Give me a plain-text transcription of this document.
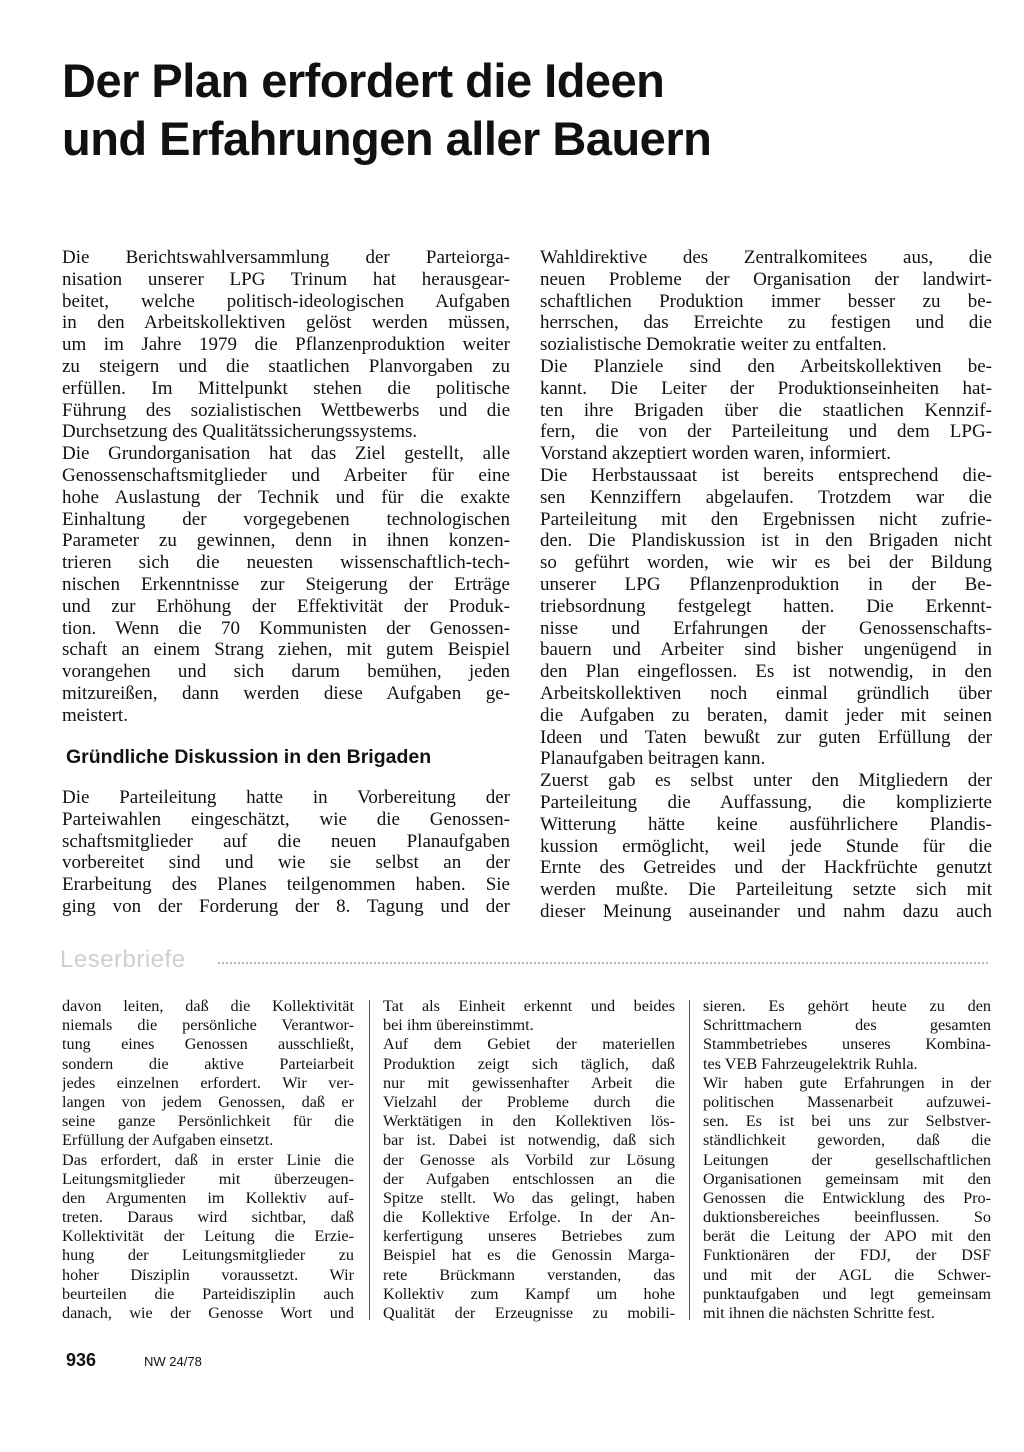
Der Plan erfordert die Ideen
und Erfahrungen aller Bauern
Die Berichtswahlversammlung der Parteiorga-
nisation unserer LPG Trinum hat herausgear-
beitet, welche politisch-ideologischen Aufgaben
in den Arbeitskollektiven gelöst werden müssen,
um im Jahre 1979 die Pflanzenproduktion weiter
zu steigern und die staatlichen Planvorgaben zu
erfüllen. Im Mittelpunkt stehen die politische
Führung des sozialistischen Wettbewerbs und die
Durchsetzung des Qualitätssicherungssystems.
Die Grundorganisation hat das Ziel gestellt, alle
Genossenschaftsmitglieder und Arbeiter für eine
hohe Auslastung der Technik und für die exakte
Einhaltung der vorgegebenen technologischen
Parameter zu gewinnen, denn in ihnen konzen-
trieren sich die neuesten wissenschaftlich-tech-
nischen Erkenntnisse zur Steigerung der Erträge
und zur Erhöhung der Effektivität der Produk-
tion. Wenn die 70 Kommunisten der Genossen-
schaft an einem Strang ziehen, mit gutem Beispiel
vorangehen und sich darum bemühen, jeden
mitzureißen, dann werden diese Aufgaben ge-
meistert.
Gründliche Diskussion in den Brigaden
Die Parteileitung hatte in Vorbereitung der
Parteiwahlen eingeschätzt, wie die Genossen-
schaftsmitglieder auf die neuen Planaufgaben
vorbereitet sind und wie sie selbst an der
Erarbeitung des Planes teilgenommen haben. Sie
ging von der Forderung der 8. Tagung und der
Wahldirektive des Zentralkomitees aus, die
neuen Probleme der Organisation der landwirt-
schaftlichen Produktion immer besser zu be-
herrschen, das Erreichte zu festigen und die
sozialistische Demokratie weiter zu entfalten.
Die Planziele sind den Arbeitskollektiven be-
kannt. Die Leiter der Produktionseinheiten hat-
ten ihre Brigaden über die staatlichen Kennzif-
fern, die von der Parteileitung und dem LPG-
Vorstand akzeptiert worden waren, informiert.
Die Herbstaussaat ist bereits entsprechend die-
sen Kennziffern abgelaufen. Trotzdem war die
Parteileitung mit den Ergebnissen nicht zufrie-
den. Die Plandiskussion ist in den Brigaden nicht
so geführt worden, wie wir es bei der Bildung
unserer LPG Pflanzenproduktion in der Be-
triebsordnung festgelegt hatten. Die Erkennt-
nisse und Erfahrungen der Genossenschafts-
bauern und Arbeiter sind bisher ungenügend in
den Plan eingeflossen. Es ist notwendig, in den
Arbeitskollektiven noch einmal gründlich über
die Aufgaben zu beraten, damit jeder mit seinen
Ideen und Taten bewußt zur guten Erfüllung der
Planaufgaben beitragen kann.
Zuerst gab es selbst unter den Mitgliedern der
Parteileitung die Auffassung, die komplizierte
Witterung hätte keine ausführlichere Plandis-
kussion ermöglicht, weil jede Stunde für die
Ernte des Getreides und der Hackfrüchte genutzt
werden mußte. Die Parteileitung setzte sich mit
dieser Meinung auseinander und nahm dazu auch
Leserbriefe
davon leiten, daß die Kollektivität
niemals die persönliche Verantwor-
tung eines Genossen ausschließt,
sondern die aktive Parteiarbeit
jedes einzelnen erfordert. Wir ver-
langen von jedem Genossen, daß er
seine ganze Persönlichkeit für die
Erfüllung der Aufgaben einsetzt.
Das erfordert, daß in erster Linie die
Leitungsmitglieder mit überzeugen-
den Argumenten im Kollektiv auf-
treten. Daraus wird sichtbar, daß
Kollektivität der Leitung die Erzie-
hung der Leitungsmitglieder zu
hoher Disziplin voraussetzt. Wir
beurteilen die Parteidisziplin auch
danach, wie der Genosse Wort und
Tat als Einheit erkennt und beides
bei ihm übereinstimmt.
Auf dem Gebiet der materiellen
Produktion zeigt sich täglich, daß
nur mit gewissenhafter Arbeit die
Vielzahl der Probleme durch die
Werktätigen in den Kollektiven lös-
bar ist. Dabei ist notwendig, daß sich
der Genosse als Vorbild zur Lösung
der Aufgaben entschlossen an die
Spitze stellt. Wo das gelingt, haben
die Kollektive Erfolge. In der An-
kerfertigung unseres Betriebes zum
Beispiel hat es die Genossin Marga-
rete Brückmann verstanden, das
Kollektiv zum Kampf um hohe
Qualität der Erzeugnisse zu mobili-
sieren. Es gehört heute zu den
Schrittmachern des gesamten
Stammbetriebes unseres Kombina-
tes VEB Fahrzeugelektrik Ruhla.
Wir haben gute Erfahrungen in der
politischen Massenarbeit aufzuwei-
sen. Es ist bei uns zur Selbstver-
ständlichkeit geworden, daß die
Leitungen der gesellschaftlichen
Organisationen gemeinsam mit den
Genossen die Entwicklung des Pro-
duktionsbereiches beeinflussen. So
berät die Leitung der APO mit den
Funktionären der FDJ, der DSF
und mit der AGL die Schwer-
punktaufgaben und legt gemeinsam
mit ihnen die nächsten Schritte fest.
936	NW 24/78
